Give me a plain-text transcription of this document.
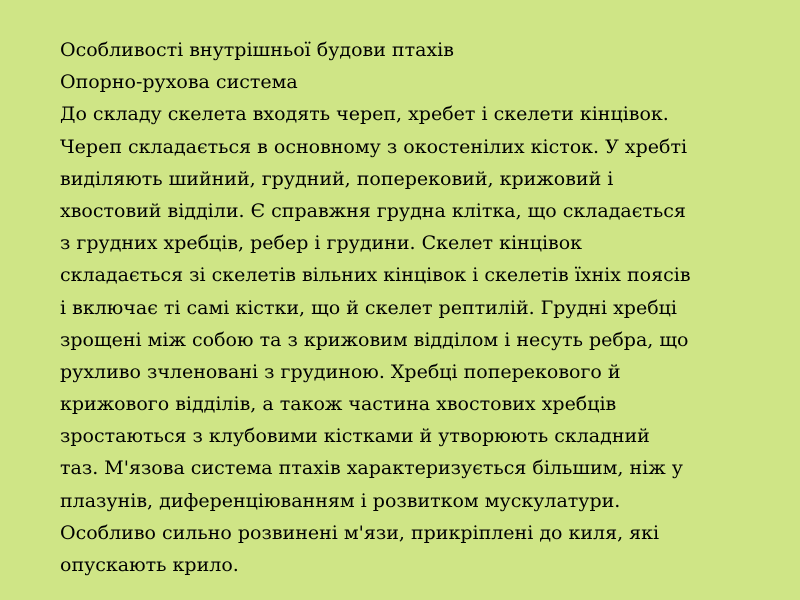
Особливості внутрішньої будови птахів
Опорно-рухова система
До складу скелета входять череп, хребет і скелети кінцівок.
Череп складається в основному з окостенілих кісток. У хребті
виділяють шийний, грудний, поперековий, крижовий і
хвостовий відділи. Є справжня грудна клітка, що складається
з грудних хребців, ребер і грудини. Скелет кінцівок
складається зі скелетів вільних кінцівок і скелетів їхніх поясів
і включає ті самі кістки, що й скелет рептилій. Грудні хребці
зрощені між собою та з крижовим відділом і несуть ребра, що
рухливо зчленовані з грудиною. Хребці поперекового й
крижового відділів, а також частина хвостових хребців
зростаються з клубовими кістками й утворюють складний
таз. М'язова система птахів характеризується більшим, ніж у
плазунів, диференціюванням і розвитком мускулатури.
Особливо сильно розвинені м'язи, прикріплені до киля, які
опускають крило.
